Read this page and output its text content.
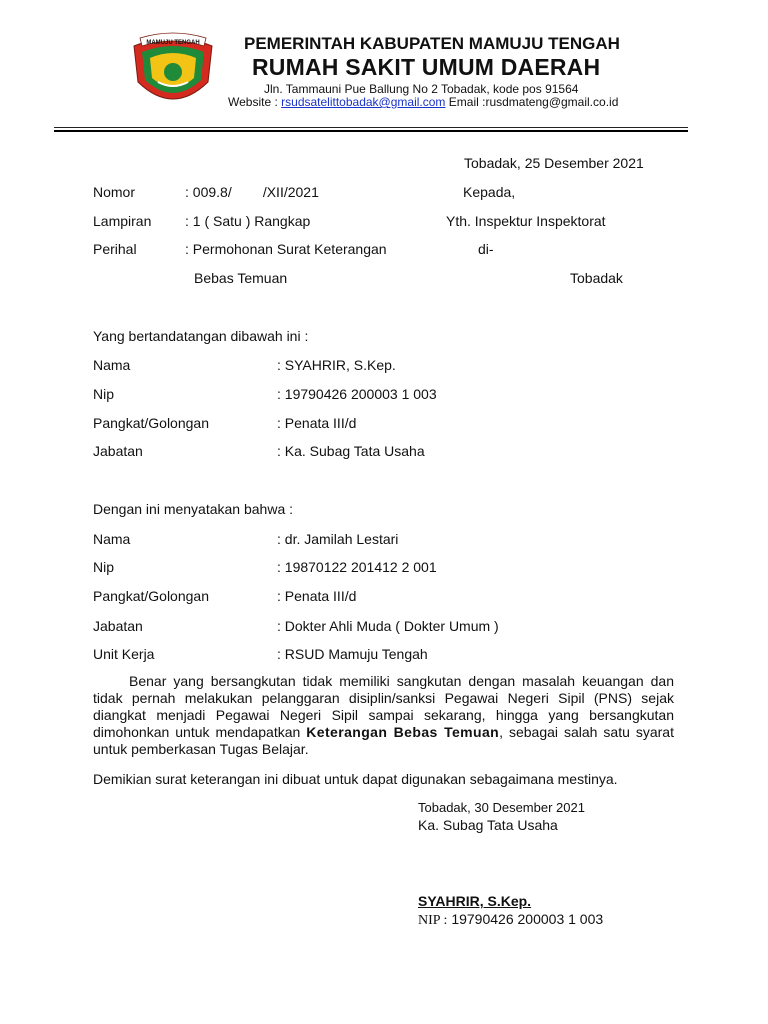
MAMUJU TENGAH	PEMERINTAH KABUPATEN MAMUJU TENGAH
RUMAH SAKIT UMUM DAERAH
Jln. Tammauni Pue Ballung No 2 Tobadak, kode pos 91564
Website : rsudsatelittobadak@gmail.com Email :rusdmateng@gmail.co.id
Tobadak, 25 Desember 2021
Nomor	: 009.8/        /XII/2021	Kepada,
Lampiran : 1 ( Satu ) Rangkap	Yth. Inspektur Inspektorat
Perihal	: Permohonan Surat Keterangan	di-
Bebas Temuan	Tobadak
Yang bertandatangan dibawah ini :
Nama	: SYAHRIR, S.Kep.
Nip	: 19790426 200003 1 003
Pangkat/Golongan	: Penata III/d
Jabatan	: Ka. Subag Tata Usaha
Dengan ini menyatakan bahwa :
Nama	: dr. Jamilah Lestari
Nip	: 19870122 201412 2 001
Pangkat/Golongan	: Penata III/d
Jabatan	: Dokter Ahli Muda ( Dokter Umum )
Unit Kerja	: RSUD Mamuju Tengah
Benar yang bersangkutan tidak memiliki sangkutan dengan masalah keuangan dan tidak pernah melakukan pelanggaran disiplin/sanksi Pegawai Negeri Sipil (PNS) sejak diangkat menjadi Pegawai Negeri Sipil sampai sekarang, hingga yang bersangkutan dimohonkan untuk mendapatkan Keterangan Bebas Temuan, sebagai salah satu syarat untuk pemberkasan Tugas Belajar.
Demikian surat keterangan ini dibuat untuk dapat digunakan sebagaimana mestinya.
Tobadak, 30 Desember 2021
Ka. Subag Tata Usaha
SYAHRIR, S.Kep.
NIP : 19790426 200003 1 003
